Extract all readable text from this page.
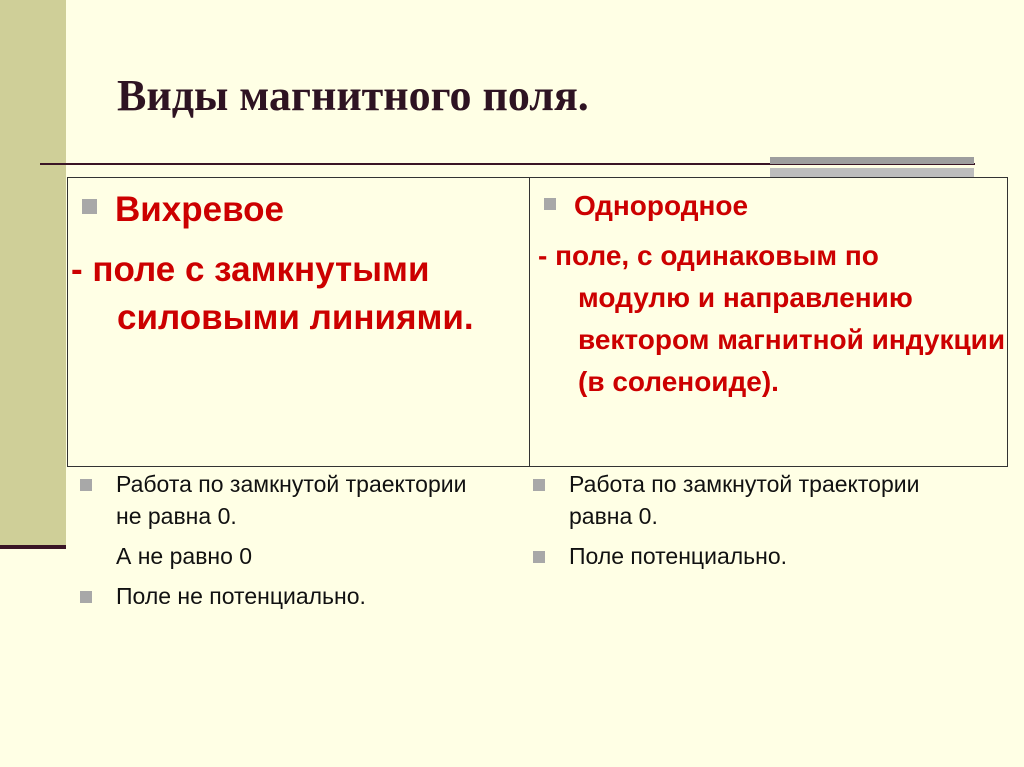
Виды магнитного поля.
Вихревое
- поле с замкнутыми
силовыми линиями.
Однородное
- поле, с одинаковым по
модулю и направлению вектором магнитной индукции (в соленоиде).
Работа по замкнутой траектории не равна 0.
А не равно 0
Поле не потенциально.
Работа по замкнутой траектории равна 0.
Поле потенциально.
